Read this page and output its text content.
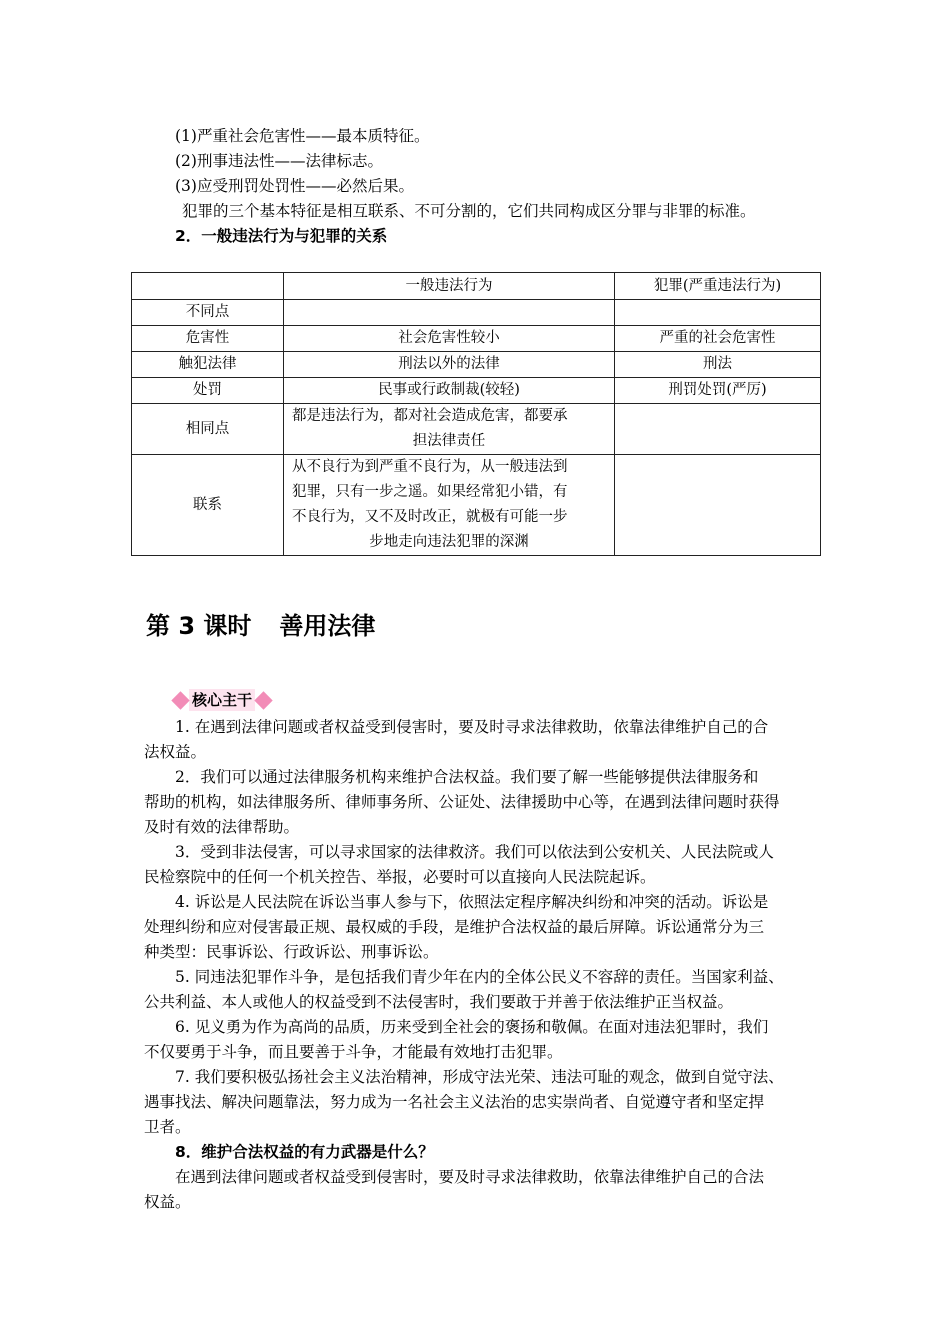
(1)严重社会危害性——最本质特征。
(2)刑事违法性——法律标志。
(3)应受刑罚处罚性——必然后果。
犯罪的三个基本特征是相互联系、不可分割的，它们共同构成区分罪与非罪的标准。
2．一般违法行为与犯罪的关系
	一般违法行为	犯罪(严重违法行为)
不同点		
危害性	社会危害性较小	严重的社会危害性
触犯法律	刑法以外的法律	刑法
处罚	民事或行政制裁(较轻)	刑罚处罚(严厉)
相同点	都是违法行为，都对社会造成危害，都要承
担法律责任	

联系	从不良行为到严重不良行为，从一般违法到
犯罪，只有一步之遥。如果经常犯小错，有
不良行为，又不及时改正，就极有可能一步
步地走向违法犯罪的深渊	

第 3 课时 善用法律
核心主干
1. 在遇到法律问题或者权益受到侵害时，要及时寻求法律救助，依靠法律维护自己的合
法权益。
2．我们可以通过法律服务机构来维护合法权益。我们要了解一些能够提供法律服务和
帮助的机构，如法律服务所、律师事务所、公证处、法律援助中心等，在遇到法律问题时获得
及时有效的法律帮助。
3．受到非法侵害，可以寻求国家的法律救济。我们可以依法到公安机关、人民法院或人
民检察院中的任何一个机关控告、举报，必要时可以直接向人民法院起诉。
4. 诉讼是人民法院在诉讼当事人参与下，依照法定程序解决纠纷和冲突的活动。诉讼是
处理纠纷和应对侵害最正规、最权威的手段，是维护合法权益的最后屏障。诉讼通常分为三
种类型：民事诉讼、行政诉讼、刑事诉讼。
5. 同违法犯罪作斗争，是包括我们青少年在内的全体公民义不容辞的责任。当国家利益、
公共利益、本人或他人的权益受到不法侵害时，我们要敢于并善于依法维护正当权益。
6. 见义勇为作为高尚的品质，历来受到全社会的褒扬和敬佩。在面对违法犯罪时，我们
不仅要勇于斗争，而且要善于斗争，才能最有效地打击犯罪。
7. 我们要积极弘扬社会主义法治精神，形成守法光荣、违法可耻的观念，做到自觉守法、
遇事找法、解决问题靠法，努力成为一名社会主义法治的忠实崇尚者、自觉遵守者和坚定捍
卫者。
8．维护合法权益的有力武器是什么？
在遇到法律问题或者权益受到侵害时，要及时寻求法律救助，依靠法律维护自己的合法
权益。
